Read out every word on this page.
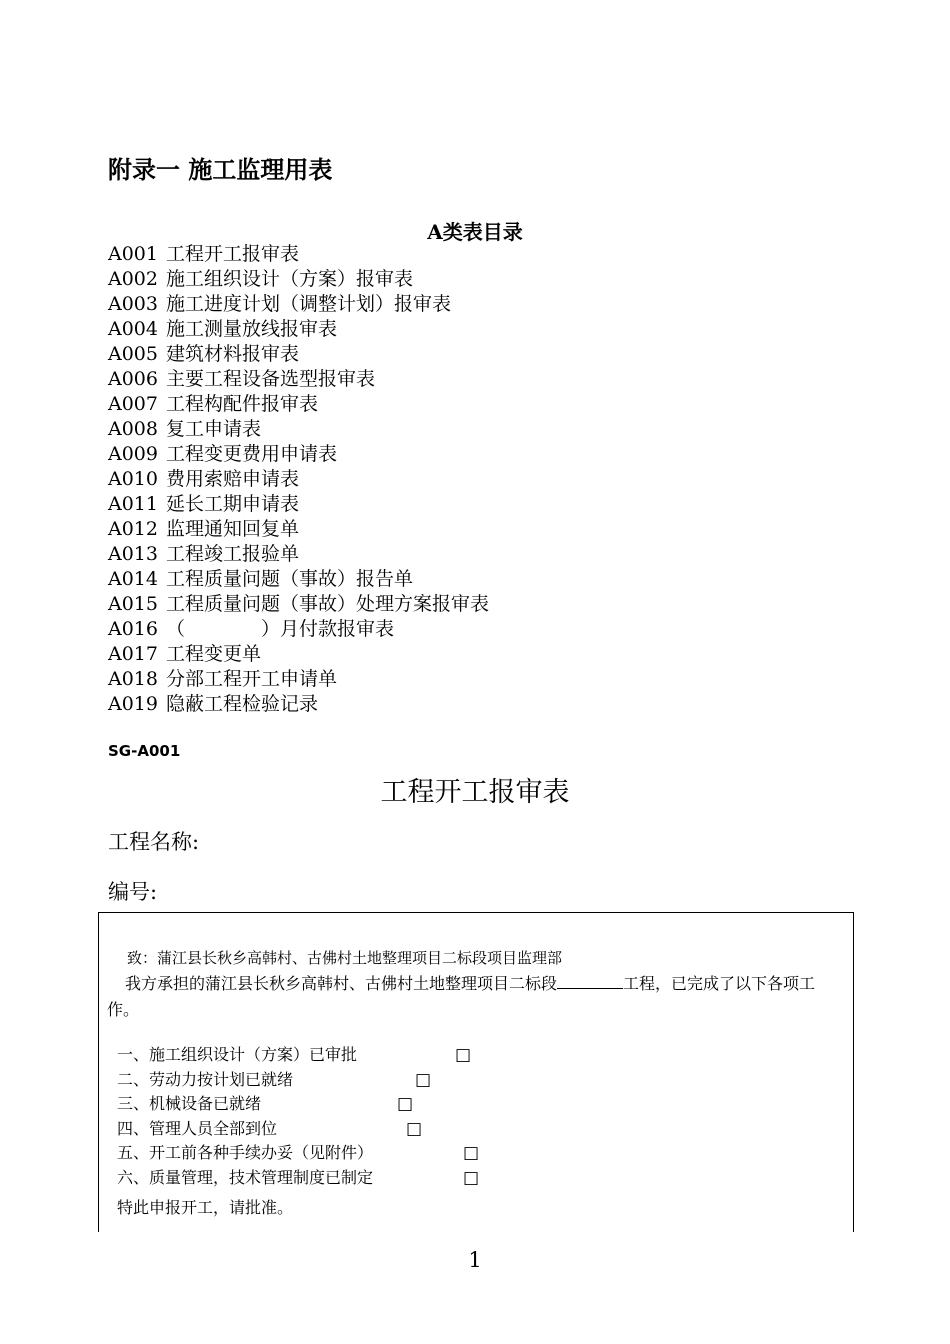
附录一 施工监理用表
A类表目录
A001 工程开工报审表
A002 施工组织设计（方案）报审表
A003 施工进度计划（调整计划）报审表
A004 施工测量放线报审表
A005 建筑材料报审表
A006 主要工程设备选型报审表
A007 工程构配件报审表
A008 复工申请表
A009 工程变更费用申请表
A010 费用索赔申请表
A011 延长工期申请表
A012 监理通知回复单
A013 工程竣工报验单
A014 工程质量问题（事故）报告单
A015 工程质量问题（事故）处理方案报审表
A016 （　　　　）月付款报审表
A017 工程变更单
A018 分部工程开工申请单
A019 隐蔽工程检验记录
SG-A001
工程开工报审表
工程名称:
编号:
致：蒲江县长秋乡高韩村、古佛村土地整理项目二标段项目监理部
我方承担的蒲江县长秋乡高韩村、古佛村土地整理项目二标段	工程，已完成了以下各项工作。
一、施工组织设计（方案）已审批	□
二、劳动力按计划已就绪	□
三、机械设备已就绪	□
四、管理人员全部到位	□
五、开工前各种手续办妥（见附件）	□
六、质量管理，技术管理制度已制定	□
特此申报开工，请批准。
1
